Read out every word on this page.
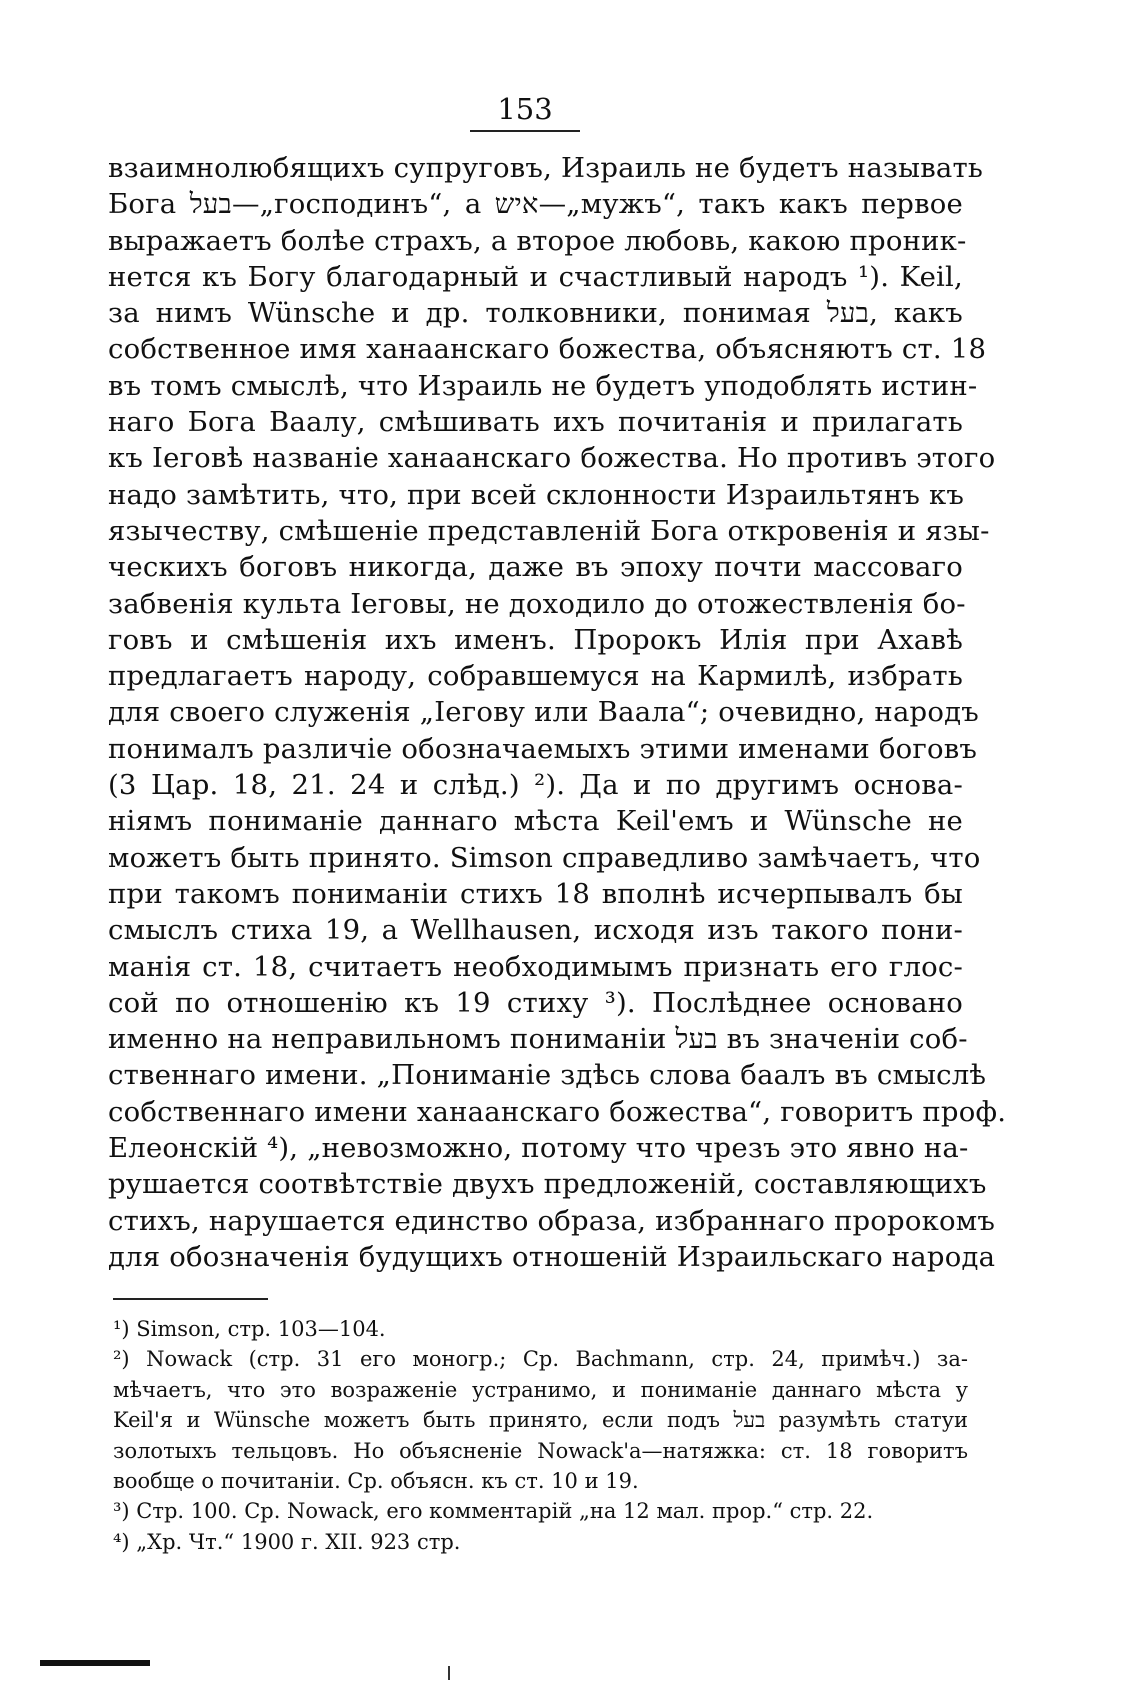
153
взаимнолюбящихъ супруговъ, Израиль не будетъ называть
Бога בעל—„господинъ“, а איש—„мужъ“, такъ какъ первое
выражаетъ болѣе страхъ, а второе любовь, какою проник-
нется къ Богу благодарный и счастливый народъ ¹). Keil,
за нимъ Wünsche и др. толковники, понимая בעל, какъ
собственное имя ханаанскаго божества, объясняютъ ст. 18
въ томъ смыслѣ, что Израиль не будетъ уподоблять истин-
наго Бога Ваалу, смѣшивать ихъ почитанія и прилагать
къ Іеговѣ названіе ханаанскаго божества. Но противъ этого
надо замѣтить, что, при всей склонности Израильтянъ къ
язычеству, смѣшеніе представленій Бога откровенія и язы-
ческихъ боговъ никогда, даже въ эпоху почти массоваго
забвенія культа Іеговы, не доходило до отожествленія бо-
говъ и смѣшенія ихъ именъ. Пророкъ Илія при Ахавѣ
предлагаетъ народу, собравшемуся на Кармилѣ, избрать
для своего служенія „Іегову или Ваала“; очевидно, народъ
понималъ различіе обозначаемыхъ этими именами боговъ
(3 Цар. 18, 21. 24 и слѣд.) ²). Да и по другимъ основа-
ніямъ пониманіе даннаго мѣста Keil'емъ и Wünsche не
можетъ быть принято. Simson справедливо замѣчаетъ, что
при такомъ пониманіи стихъ 18 вполнѣ исчерпывалъ бы
смыслъ стиха 19, а Wellhausen, исходя изъ такого пони-
манія ст. 18, считаетъ необходимымъ признать его глос-
сой по отношенію къ 19 стиху ³). Послѣднее основано
именно на неправильномъ пониманіи בעל въ значеніи соб-
ственнаго имени. „Пониманіе здѣсь слова баалъ въ смыслѣ
собственнаго имени ханаанскаго божества“, говоритъ проф.
Елеонскій ⁴), „невозможно, потому что чрезъ это явно на-
рушается соотвѣтствіе двухъ предложеній, составляющихъ
стихъ, нарушается единство образа, избраннаго пророкомъ
для обозначенія будущихъ отношеній Израильскаго народа
¹) Simson, стр. 103—104.
²) Nowack (стр. 31 его моногр.; Ср. Bachmann, стр. 24, примѣч.) за-
мѣчаетъ, что это возраженіе устранимо, и пониманіе даннаго мѣста у
Keil'я и Wünsche можетъ быть принято, если подъ בעל разумѣть статуи
золотыхъ тельцовъ. Но объясненіе Nowack'а—натяжка: ст. 18 говоритъ
вообще о почитаніи. Ср. объясн. къ ст. 10 и 19.
³) Стр. 100. Ср. Nowack, его комментарій „на 12 мал. прор.“ стр. 22.
⁴) „Хр. Чт.“ 1900 г. XII. 923 стр.
